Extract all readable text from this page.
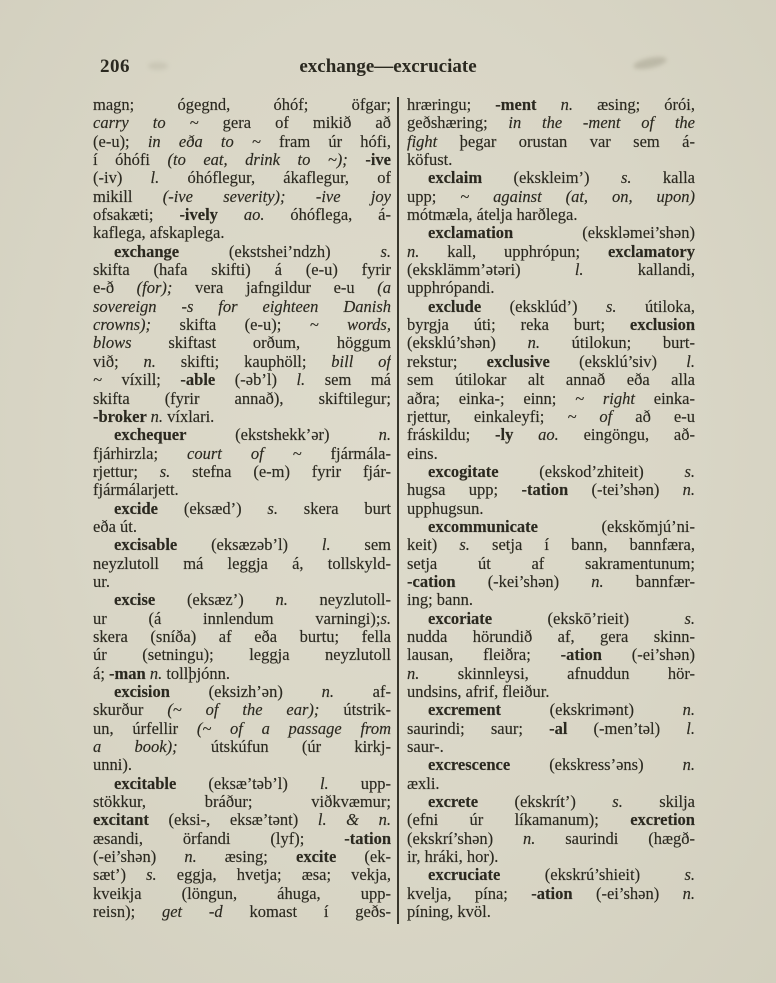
206	exchange—excruciate
magn; ógegnd, óhóf; öfgar;
carry to ~ gera of mikið að
(e-u); in eða to ~ fram úr hófi,
í óhófi (to eat, drink to ~); -ive
(-iv) l. óhóflegur, ákaflegur, of
mikill (-ive severity); -ive joy
ofsakæti; -ively ao. óhóflega, á-
kaflega, afskaplega.
exchange (ekstshei’ndzh) s.
skifta (hafa skifti) á (e-u) fyrir
e-ð (for); vera jafngildur e-u (a
sovereign -s for eighteen Danish
crowns); skifta (e-u); ~ words,
blows skiftast orðum, höggum
við; n. skifti; kauphöll; bill of
~ víxill; -able (-əb’l) l. sem má
skifta (fyrir annað), skiftilegur;
-broker n. víxlari.
exchequer (ekstshekk’ər) n.
fjárhirzla; court of ~ fjármála-
rjettur; s. stefna (e-m) fyrir fjár-
fjármálarjett.
excide (eksæd’) s. skera burt
eða út.
excisable (eksæzəb’l) l. sem
neyzlutoll má leggja á, tollskyld-
ur.
excise (eksæz’) n. neyzlutoll-
ur (á innlendum varningi);s.
skera (sníða) af eða burtu; fella
úr (setningu); leggja neyzlutoll
á; -man n. tollþjónn.
excision (eksizh’ən) n. af-
skurður (~ of the ear); útstrik-
un, úrfellir (~ of a passage from
a book); útskúfun (úr kirkj-
unni).
excitable (eksæ’təb’l) l. upp-
stökkur, bráður; viðkvæmur;
excitant (eksi-, eksæ’tənt) l. & n.
æsandi, örfandi (lyf); -tation
(-ei’shən) n. æsing; excite (ek-
sæt’) s. eggja, hvetja; æsa; vekja,
kveikja (löngun, áhuga, upp-
reisn); get -d komast í geðs-
hræringu; -ment n. æsing; órói,
geðshæring; in the -ment of the
fight þegar orustan var sem á-
köfust.
exclaim (ekskleim’) s. kalla
upp; ~ against (at, on, upon)
mótmæla, átelja harðlega.
exclamation (ekskləmei’shən)
n. kall, upphrópun; exclamatory
(eksklämm’ətəri) l. kallandi,
upphrópandi.
exclude (eksklúd’) s. útiloka,
byrgja úti; reka burt; exclusion
(eksklú’shən) n. útilokun; burt-
rekstur; exclusive (eksklú’siv) l.
sem útilokar alt annað eða alla
aðra; einka-; einn; ~ right einka-
rjettur, einkaleyfi; ~ of að e-u
fráskildu; -ly ao. eingöngu, að-
eins.
excogitate (ekskod’zhiteit) s.
hugsa upp; -tation (-tei’shən) n.
upphugsun.
excommunicate (ekskŏmjú’ni-
keit) s. setja í bann, bannfæra,
setja út af sakramentunum;
-cation (-kei’shən) n. bannfær-
ing; bann.
excoriate (ekskō’rieit) s.
nudda hörundið af, gera skinn-
lausan, fleiðra; -ation (-ei’shən)
n. skinnleysi, afnuddun hör-
undsins, afrif, fleiður.
excrement (ekskrimənt) n.
saurindi; saur; -al (-men’təl) l.
saur-.
excrescence (ekskress’əns) n.
æxli.
excrete (ekskrít’) s. skilja
(efni úr líkamanum); excretion
(ekskrí’shən) n. saurindi (hægð-
ir, hráki, hor).
excruciate (ekskrú’shieit) s.
kvelja, pína; -ation (-ei’shən) n.
píning, kvöl.
